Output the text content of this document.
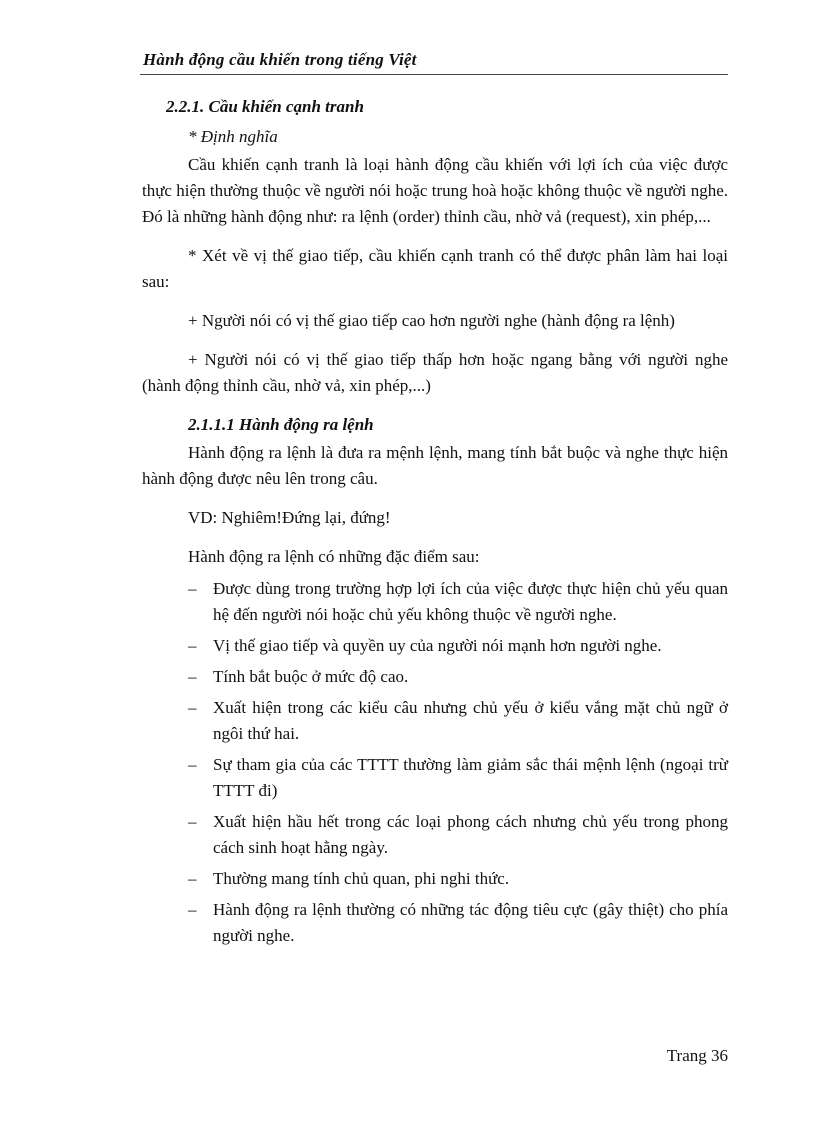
Hành động cầu khiến trong tiếng Việt

2.2.1. Cầu khiến cạnh tranh

* Định nghĩa

Cầu khiến cạnh tranh là loại hành động cầu khiến với lợi ích của việc được thực hiện thường thuộc về người nói hoặc trung hoà hoặc không thuộc về người nghe. Đó là những hành động như: ra lệnh (order) thỉnh cầu, nhờ vả (request), xin phép,...

* Xét về vị thế giao tiếp, cầu khiến cạnh tranh có thể được phân làm hai loại sau:

+ Người nói có vị thế giao tiếp cao hơn người nghe (hành động ra lệnh)

+ Người nói có vị thế giao tiếp thấp hơn hoặc ngang bằng với người nghe (hành động thỉnh cầu, nhờ vả, xin phép,...)

2.1.1.1 Hành động ra lệnh

Hành động ra lệnh là đưa ra mệnh lệnh, mang tính bắt buộc và nghe thực hiện hành động được nêu lên trong câu.

VD: Nghiêm!Đứng lại, đứng!

Hành động ra lệnh có những đặc điểm sau:

– Được dùng trong trường hợp lợi ích của việc được thực hiện chủ yếu quan hệ đến người nói hoặc chủ yếu không thuộc về người nghe.
– Vị thế giao tiếp và quyền uy của người nói mạnh hơn người nghe.
– Tính bắt buộc ở mức độ cao.
– Xuất hiện trong các kiểu câu nhưng chủ yếu ở kiểu vắng mặt chủ ngữ ở ngôi thứ hai.
– Sự tham gia của các TTTT thường làm giảm sắc thái mệnh lệnh (ngoại trừ TTTT đi)
– Xuất hiện hầu hết trong các loại phong cách nhưng chủ yếu trong phong cách sinh hoạt hằng ngày.
– Thường mang tính chủ quan, phi nghi thức.
– Hành động ra lệnh thường có những tác động tiêu cực (gây thiệt) cho phía người nghe.
Trang 36
